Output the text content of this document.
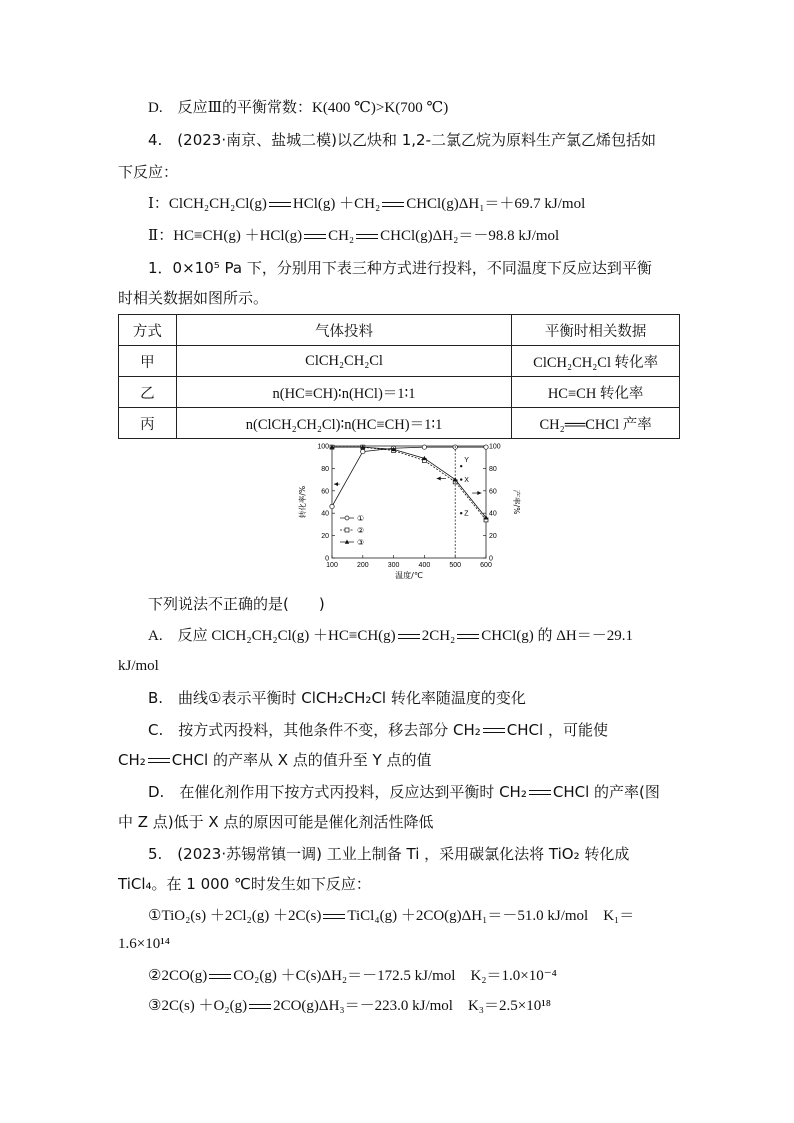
D.　反应Ⅲ的平衡常数：K(400 ℃)>K(700 ℃)
4.　(2023·南京、盐城二模)以乙炔和 1,2-二氯乙烷为原料生产氯乙烯包括如
下反应：
Ⅰ：ClCH₂CH₂Cl(g) HCl(g) ＋CH₂ CHCl(g)ΔH₁＝＋69.7 kJ/mol
Ⅱ：HC≡CH(g) ＋HCl(g) CH₂ CHCl(g)ΔH₂＝－98.8 kJ/mol
1．0×10⁵ Pa 下，分别用下表三种方式进行投料，不同温度下反应达到平衡
时相关数据如图所示。
方式	气体投料	平衡时相关数据
甲	ClCH₂CH₂Cl	ClCH₂CH₂Cl 转化率
乙	n(HC≡CH)∶n(HCl)＝1∶1	HC≡CH 转化率
丙	n(ClCH₂CH₂Cl)∶n(HC≡CH)＝1∶1	CH₂══CHCl 产率
100	200	300	400	500	600
0	0
20	20
40	40
60	60
80	80
100	100
温度/℃
转化率/%	产率/%
Y
X
Z
①
②
③
下列说法不正确的是(　　)
A.　反应 ClCH₂CH₂Cl(g) ＋HC≡CH(g) 2CH₂ CHCl(g) 的 ΔH＝－29.1
kJ/mol
B.　曲线①表示平衡时 ClCH₂CH₂Cl 转化率随温度的变化
C.　按方式丙投料，其他条件不变，移去部分 CH₂ CHCl ，可能使
CH₂ CHCl 的产率从 X 点的值升至 Y 点的值
D.　在催化剂作用下按方式丙投料，反应达到平衡时 CH₂ CHCl 的产率(图
中 Z 点)低于 X 点的原因可能是催化剂活性降低
5.　(2023·苏锡常镇一调) 工业上制备 Ti ，采用碳氯化法将 TiO₂ 转化成
TiCl₄。在 1 000 ℃时发生如下反应：
①TiO₂(s) ＋2Cl₂(g) ＋2C(s) TiCl₄(g) ＋2CO(g)ΔH₁＝－51.0 kJ/mol　K₁＝
1.6×10¹⁴
②2CO(g) CO₂(g) ＋C(s)ΔH₂＝－172.5 kJ/mol　K₂＝1.0×10⁻⁴
③2C(s) ＋O₂(g) 2CO(g)ΔH₃＝－223.0 kJ/mol　K₃＝2.5×10¹⁸
